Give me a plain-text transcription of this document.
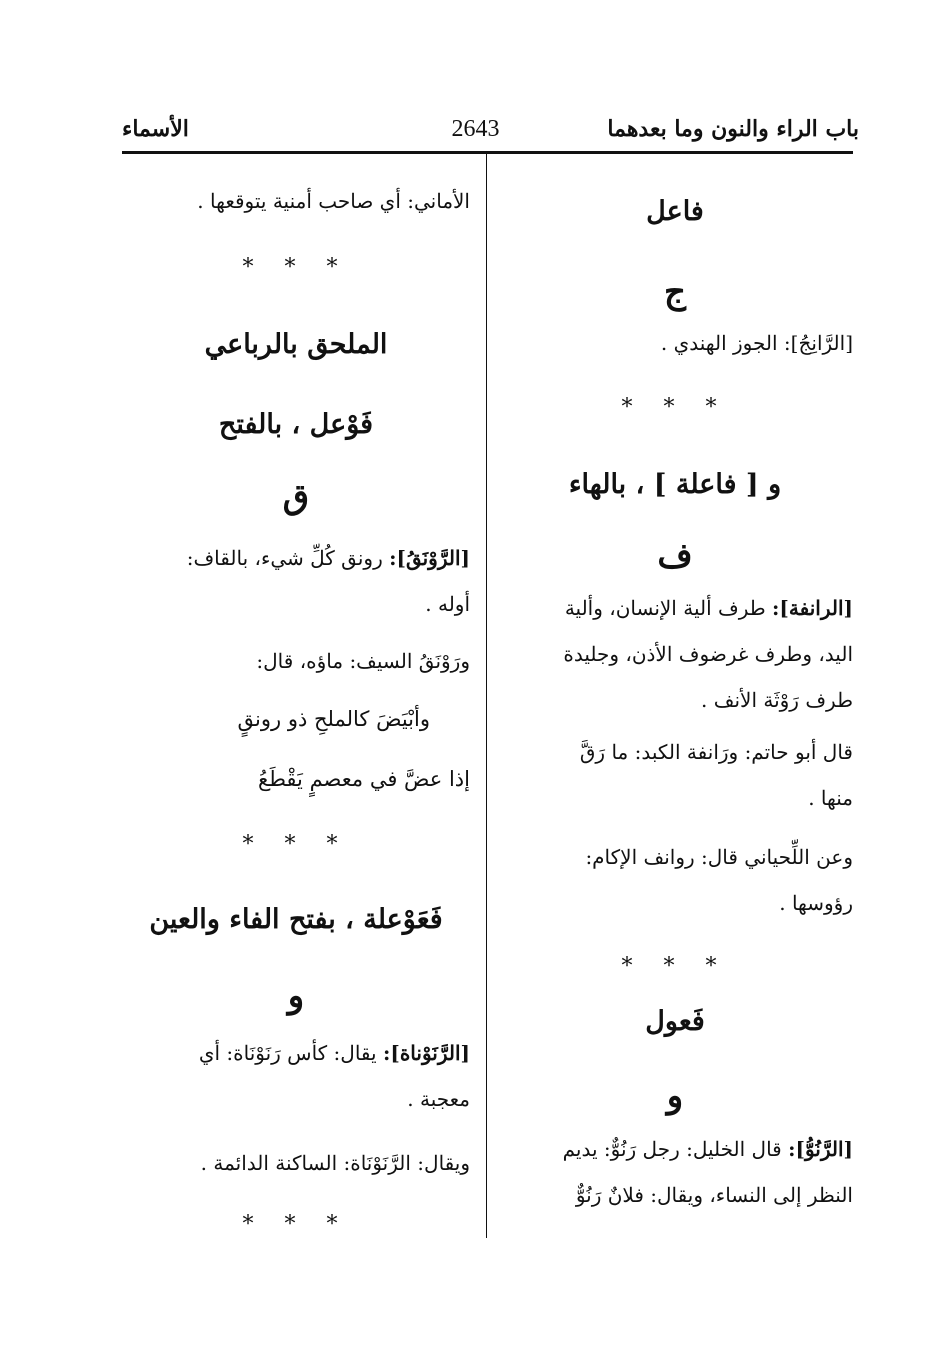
باب الراء والنون وما بعدهما
2643
الأسماء
فاعل
ج
[الرَّانِجُ]: الجوز الهندي .
* * *
و [ فاعلة ] ، بالهاء
ف
[الرانفة]: طرف ألية الإنسان، وألية
اليد، وطرف غرضوف الأذن، وجليدة
طرف رَوْثَة الأنف .
قال أبو حاتم: ورَانفة الكبد: ما رَقَّ
منها .
وعن اللِّحياني قال: روانف الإكام:
رؤوسها .
* * *
فَعول
و
[الرَّنُوُّ]: قال الخليل: رجل رَنُوٌّ: يديم
النظر إلى النساء، ويقال: فلانٌ رَنُوٌّ
الأماني: أي صاحب أمنية يتوقعها .
* * *
الملحق بالرباعي
فَوْعل ، بالفتح
ق
[الرَّوْنَقُ]: رونق كُلِّ شيء، بالقاف:
أوله .
ورَوْنَقُ السيف: ماؤه، قال:
وأبْيَضَ كالملحِ ذو رونقٍ
إذا عضَّ في معصمٍ يَقْطَعُ
* * *
فَعَوْعلة ، بفتح الفاء والعين
و
[الرَّنَوْناة]: يقال: كأس رَنَوْنَاة: أي
معجبة .
ويقال: الرَّنَوْنَاة: الساكنة الدائمة .
* * *
